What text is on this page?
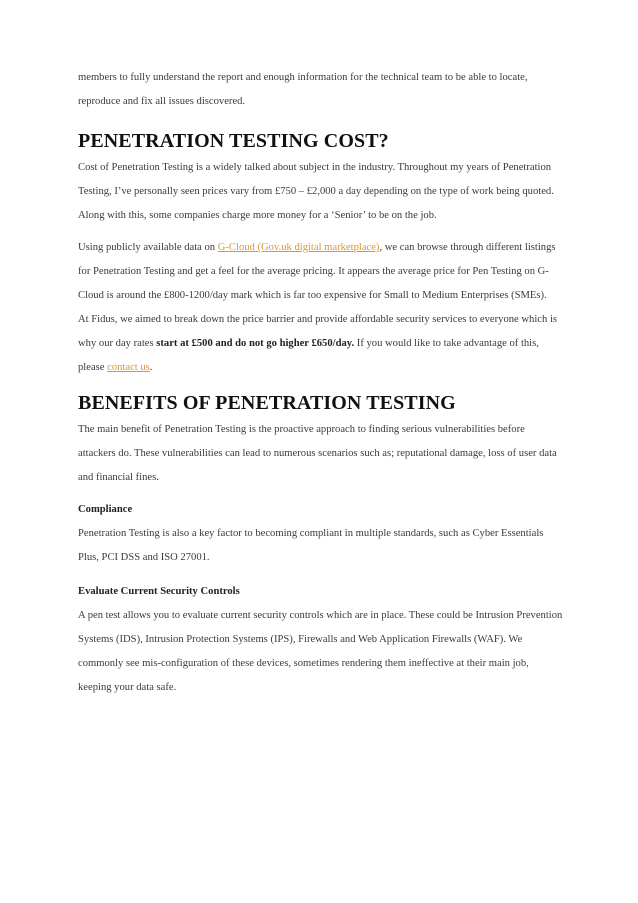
members to fully understand the report and enough information for the technical team to be able to locate, reproduce and fix all issues discovered.

PENETRATION TESTING COST?

Cost of Penetration Testing is a widely talked about subject in the industry. Throughout my years of Penetration Testing, I’ve personally seen prices vary from £750 – £2,000 a day depending on the type of work being quoted. Along with this, some companies charge more money for a ‘Senior’ to be on the job.

Using publicly available data on G-Cloud (Gov.uk digital marketplace), we can browse through different listings for Penetration Testing and get a feel for the average pricing. It appears the average price for Pen Testing on G-Cloud is around the £800-1200/day mark which is far too expensive for Small to Medium Enterprises (SMEs).

At Fidus, we aimed to break down the price barrier and provide affordable security services to everyone which is why our day rates start at £500 and do not go higher £650/day. If you would like to take advantage of this, please contact us.

BENEFITS OF PENETRATION TESTING

The main benefit of Penetration Testing is the proactive approach to finding serious vulnerabilities before attackers do. These vulnerabilities can lead to numerous scenarios such as; reputational damage, loss of user data and financial fines.

Compliance

Penetration Testing is also a key factor to becoming compliant in multiple standards, such as Cyber Essentials Plus, PCI DSS and ISO 27001.

Evaluate Current Security Controls

A pen test allows you to evaluate current security controls which are in place. These could be Intrusion Prevention Systems (IDS), Intrusion Protection Systems (IPS), Firewalls and Web Application Firewalls (WAF). We commonly see mis-configuration of these devices, sometimes rendering them ineffective at their main job, keeping your data safe.
